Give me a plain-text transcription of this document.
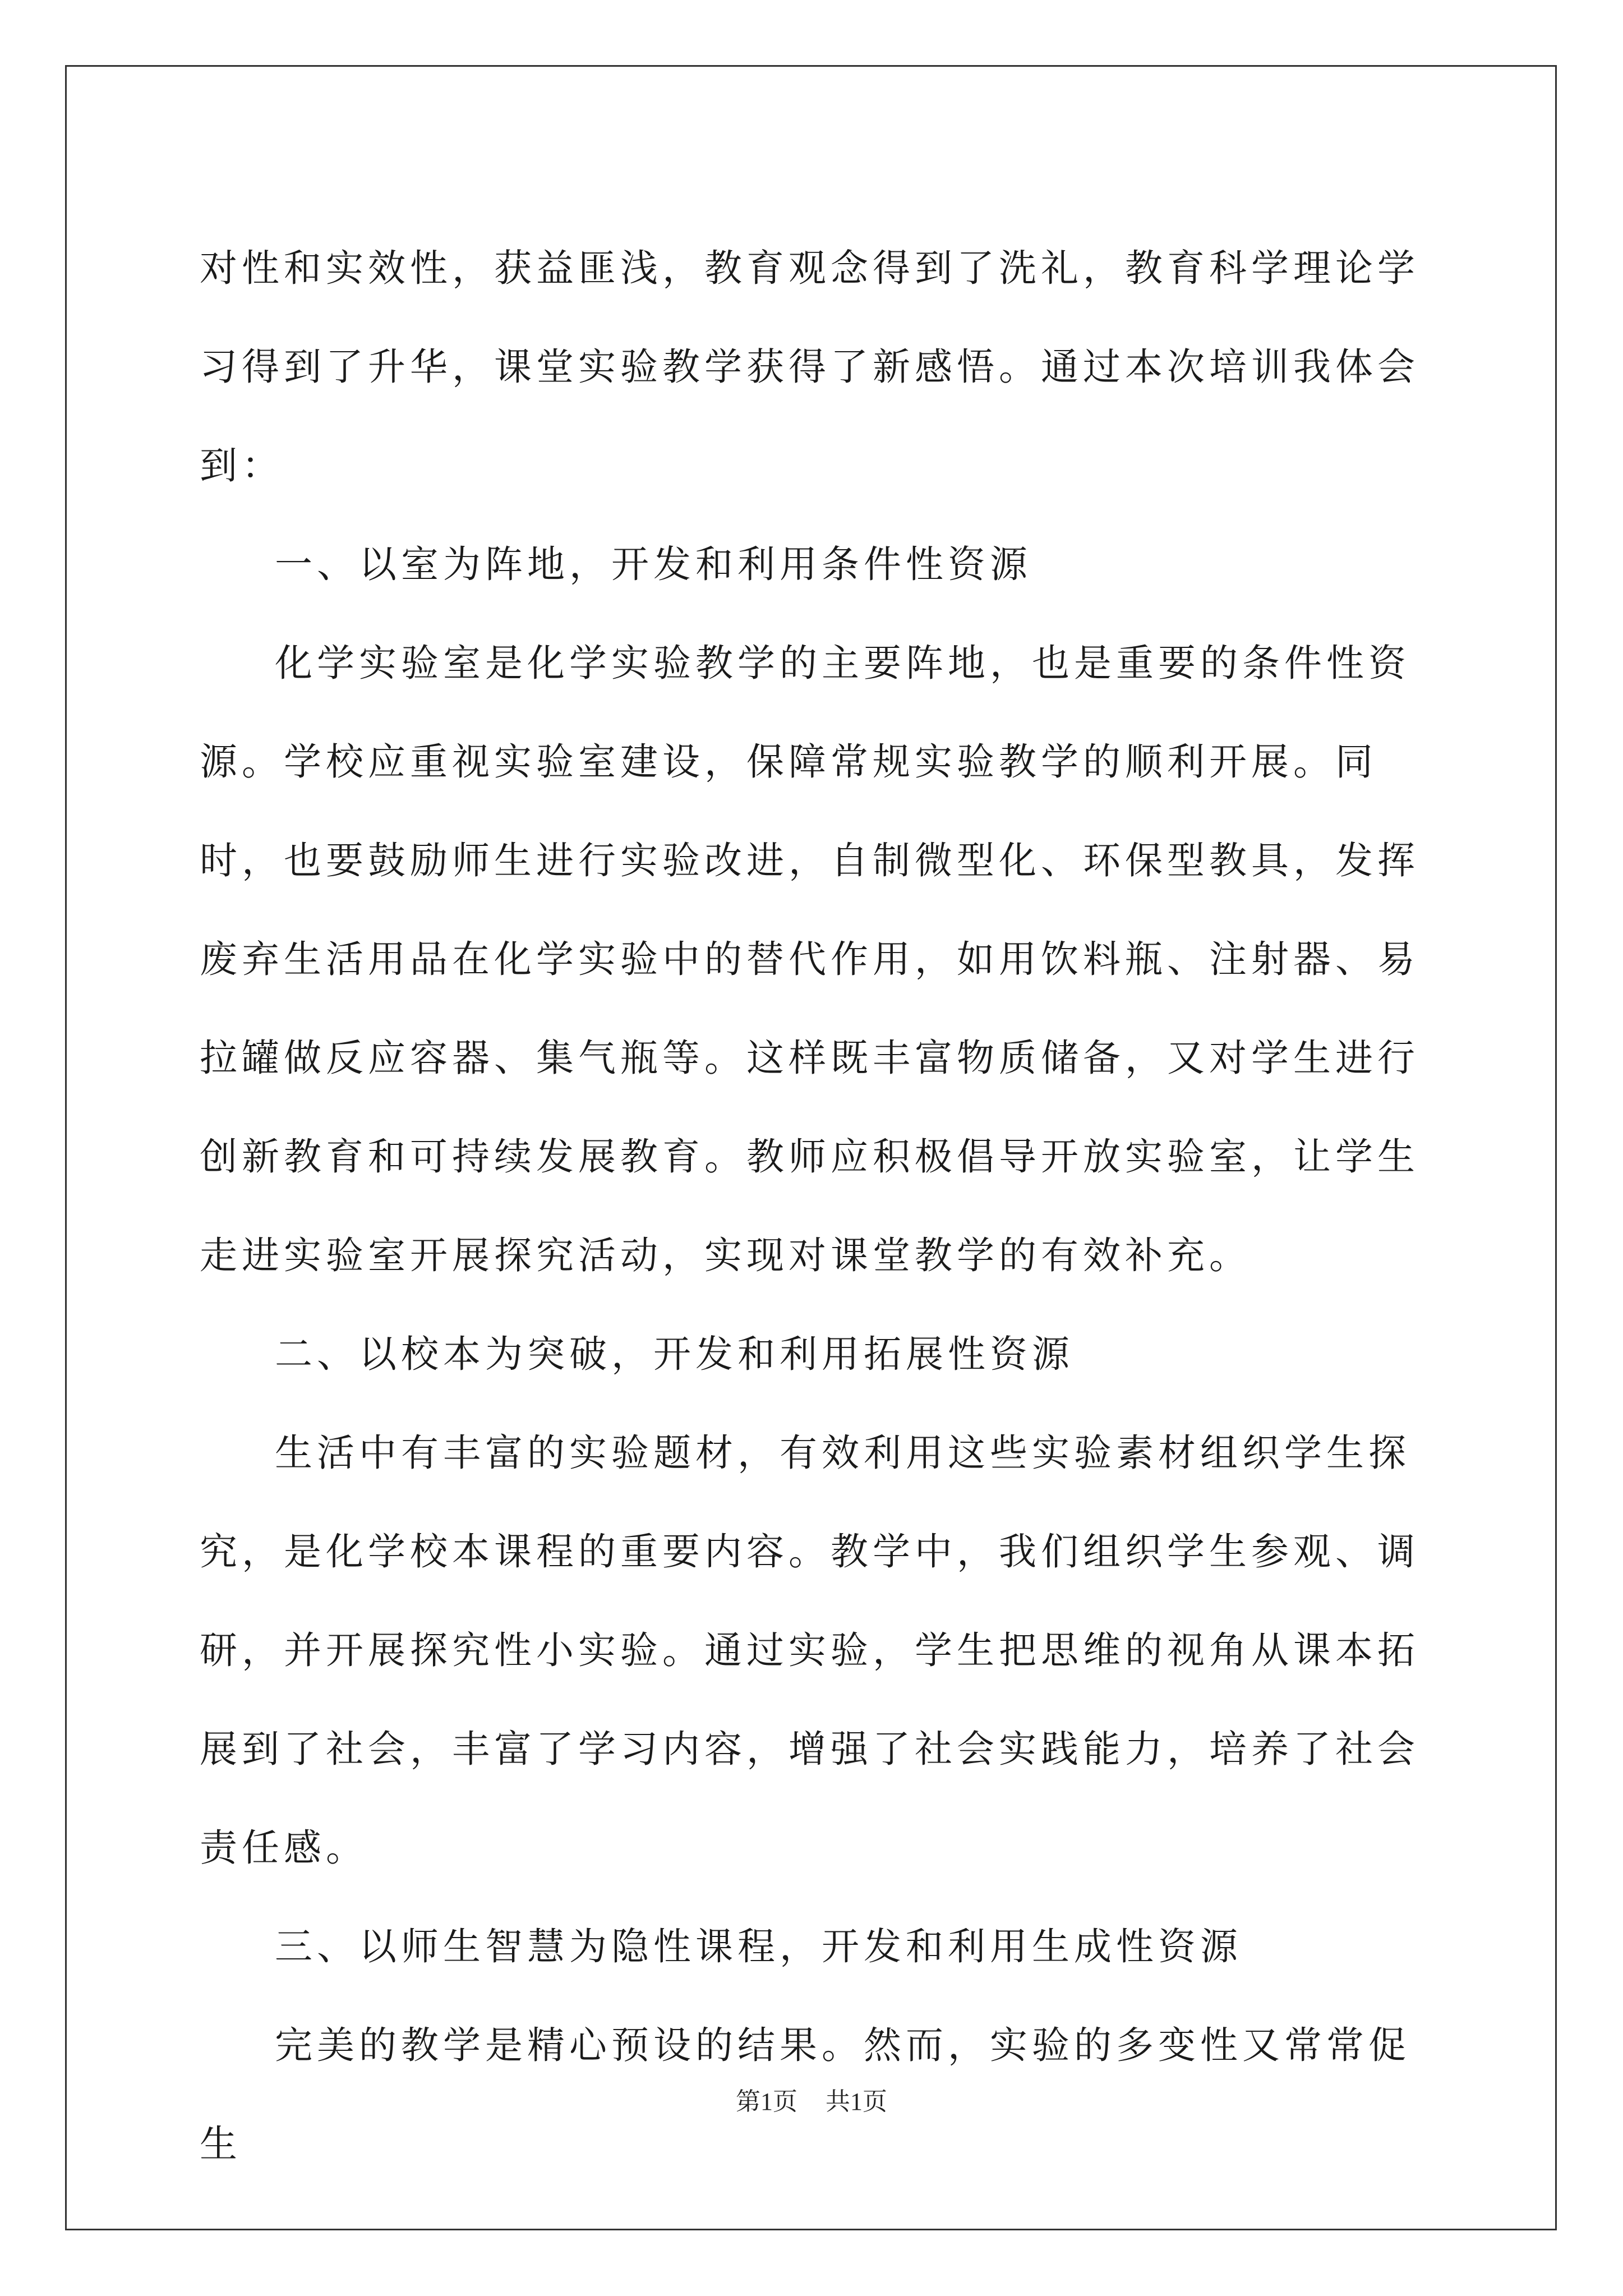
对性和实效性，获益匪浅，教育观念得到了洗礼，教育科学理论学习得到了升华，课堂实验教学获得了新感悟。通过本次培训我体会到：

一、以室为阵地，开发和利用条件性资源

化学实验室是化学实验教学的主要阵地，也是重要的条件性资源。学校应重视实验室建设，保障常规实验教学的顺利开展。同时，也要鼓励师生进行实验改进，自制微型化、环保型教具，发挥废弃生活用品在化学实验中的替代作用，如用饮料瓶、注射器、易拉罐做反应容器、集气瓶等。这样既丰富物质储备，又对学生进行创新教育和可持续发展教育。教师应积极倡导开放实验室，让学生走进实验室开展探究活动，实现对课堂教学的有效补充。

二、以校本为突破，开发和利用拓展性资源

生活中有丰富的实验题材，有效利用这些实验素材组织学生探究，是化学校本课程的重要内容。教学中，我们组织学生参观、调研，并开展探究性小实验。通过实验，学生把思维的视角从课本拓展到了社会，丰富了学习内容，增强了社会实践能力，培养了社会责任感。

三、以师生智慧为隐性课程，开发和利用生成性资源

完美的教学是精心预设的结果。然而，实验的多变性又常常促生

第1页 共1页
